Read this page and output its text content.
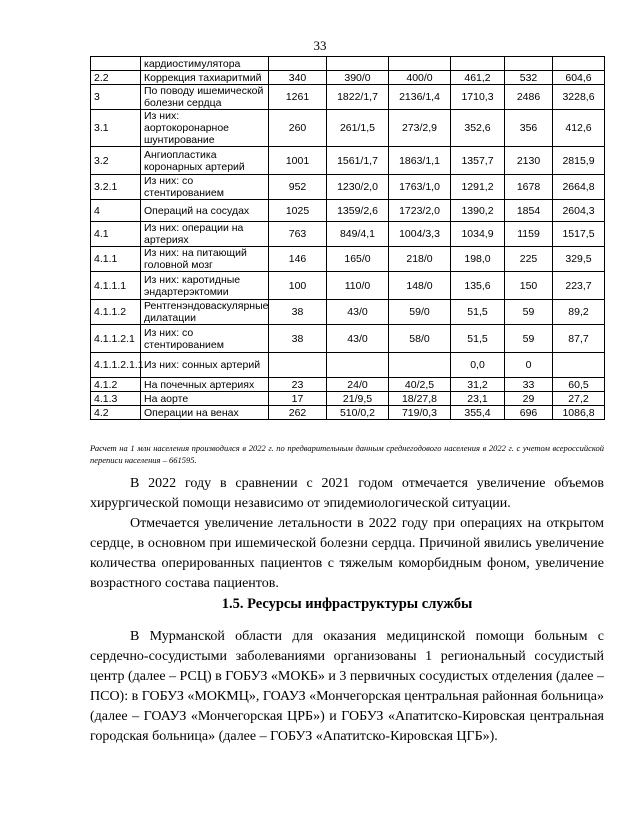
33
	кардиостимулятора						
2.2	Коррекция тахиаритмий	340	390/0	400/0	461,2	532	604,6
3	По поводу ишемической болезни сердца	1261	1822/1,7	2136/1,4	1710,3	2486	3228,6
3.1	Из них: аортокоронарное шунтирование	260	261/1,5	273/2,9	352,6	356	412,6
3.2	Ангиопластика коронарных артерий	1001	1561/1,7	1863/1,1	1357,7	2130	2815,9
3.2.1	Из них: со стентированием	952	1230/2,0	1763/1,0	1291,2	1678	2664,8
4	Операций на сосудах	1025	1359/2,6	1723/2,0	1390,2	1854	2604,3
4.1	Из них: операции на артериях	763	849/4,1	1004/3,3	1034,9	1159	1517,5
4.1.1	Из них: на питающий головной мозг	146	165/0	218/0	198,0	225	329,5
4.1.1.1	Из них: каротидные эндартерэктомии	100	110/0	148/0	135,6	150	223,7
4.1.1.2	Рентгенэндоваскулярные дилатации	38	43/0	59/0	51,5	59	89,2
4.1.1.2.1	Из них: со стентированием	38	43/0	58/0	51,5	59	87,7
4.1.1.2.1.1	Из них: сонных артерий				0,0	0	
4.1.2	На почечных артериях	23	24/0	40/2,5	31,2	33	60,5
4.1.3	На аорте	17	21/9,5	18/27,8	23,1	29	27,2
4.2	Операции на венах	262	510/0,2	719/0,3	355,4	696	1086,8
Расчет на 1 млн населения производился в 2022 г. по предварительным данным среднегодового населения в 2022 г. с учетом всероссийской переписи населения – 661595.
В 2022 году в сравнении с 2021 годом отмечается увеличение объемов хирургической помощи независимо от эпидемиологической ситуации.
Отмечается увеличение летальности в 2022 году при операциях на открытом сердце, в основном при ишемической болезни сердца. Причиной явились увеличение количества оперированных пациентов с тяжелым коморбидным фоном, увеличение возрастного состава пациентов.
1.5. Ресурсы инфраструктуры службы
В Мурманской области для оказания медицинской помощи больным с сердечно-сосудистыми заболеваниями организованы 1 региональный сосудистый центр (далее – РСЦ) в ГОБУЗ «МОКБ» и 3 первичных сосудистых отделения (далее – ПСО): в ГОБУЗ «МОКМЦ», ГОАУЗ «Мончегорская центральная районная больница» (далее – ГОАУЗ «Мончегорская ЦРБ») и ГОБУЗ «Апатитско-Кировская центральная городская больница» (далее – ГОБУЗ «Апатитско-Кировская ЦГБ»).
